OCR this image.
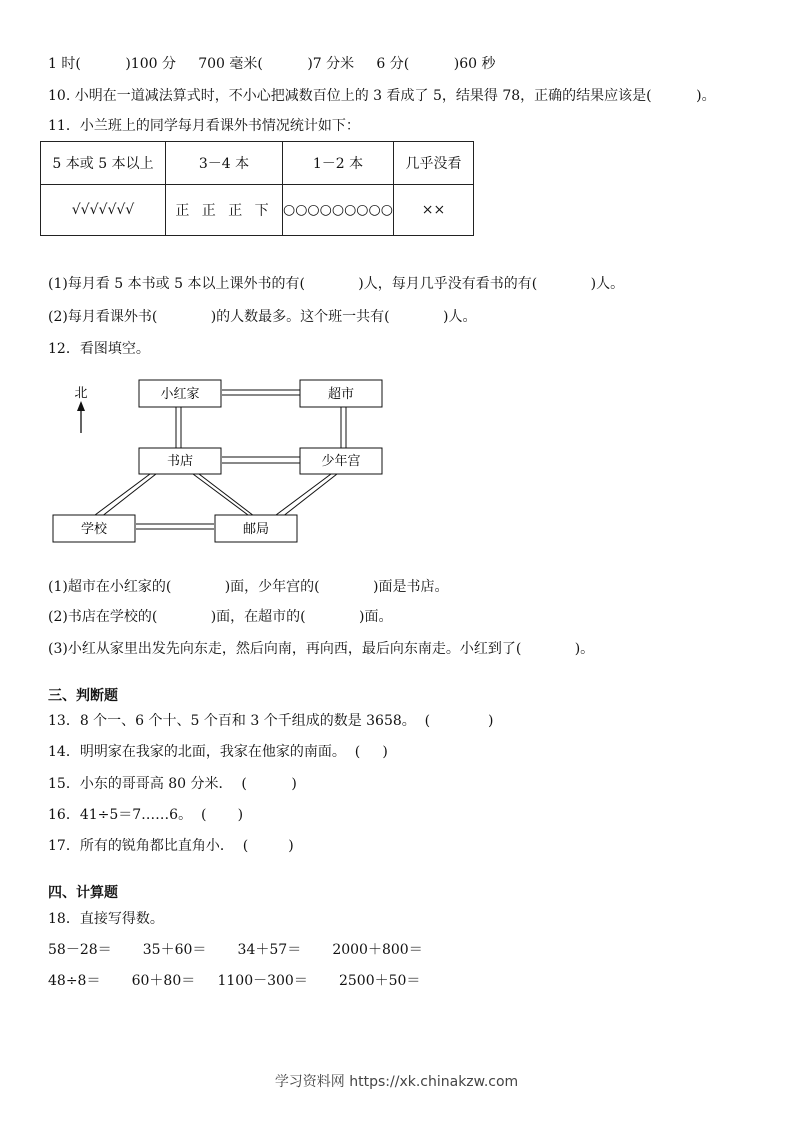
1 时(          )100 分     700 毫米(          )7 分米     6 分(          )60 秒
10. 小明在一道减法算式时，不小心把减数百位上的 3 看成了 5，结果得 78，正确的结果应该是(          )。
11．小兰班上的同学每月看课外书情况统计如下：
5 本或 5 本以上	3－4 本	1－2 本	几乎没看
√√√√√√√	正 正 正 下	○○○○○○○○○	××
(1)每月看 5 本书或 5 本以上课外书的有(            )人，每月几乎没有看书的有(            )人。
(2)每月看课外书(            )的人数最多。这个班一共有(            )人。
12．看图填空。
北	小红家	超市
书店	少年宫
学校	邮局
(1)超市在小红家的(            )面，少年宫的(            )面是书店。
(2)书店在学校的(            )面，在超市的(            )面。
(3)小红从家里出发先向东走，然后向南，再向西，最后向东南走。小红到了(            )。
三、判断题
13．8 个一、6 个十、5 个百和 3 个千组成的数是 3658。  (             )
14．明明家在我家的北面，我家在他家的南面。  (     )
15．小东的哥哥高 80 分米．  (          )
16．41÷5＝7……6。  (       )
17．所有的锐角都比直角小．  (         )
四、计算题
18．直接写得数。
58－28＝       35＋60＝       34＋57＝       2000＋800＝
48÷8＝       60＋80＝     1100－300＝       2500＋50＝
学习资料网 https://xk.chinakzw.com
